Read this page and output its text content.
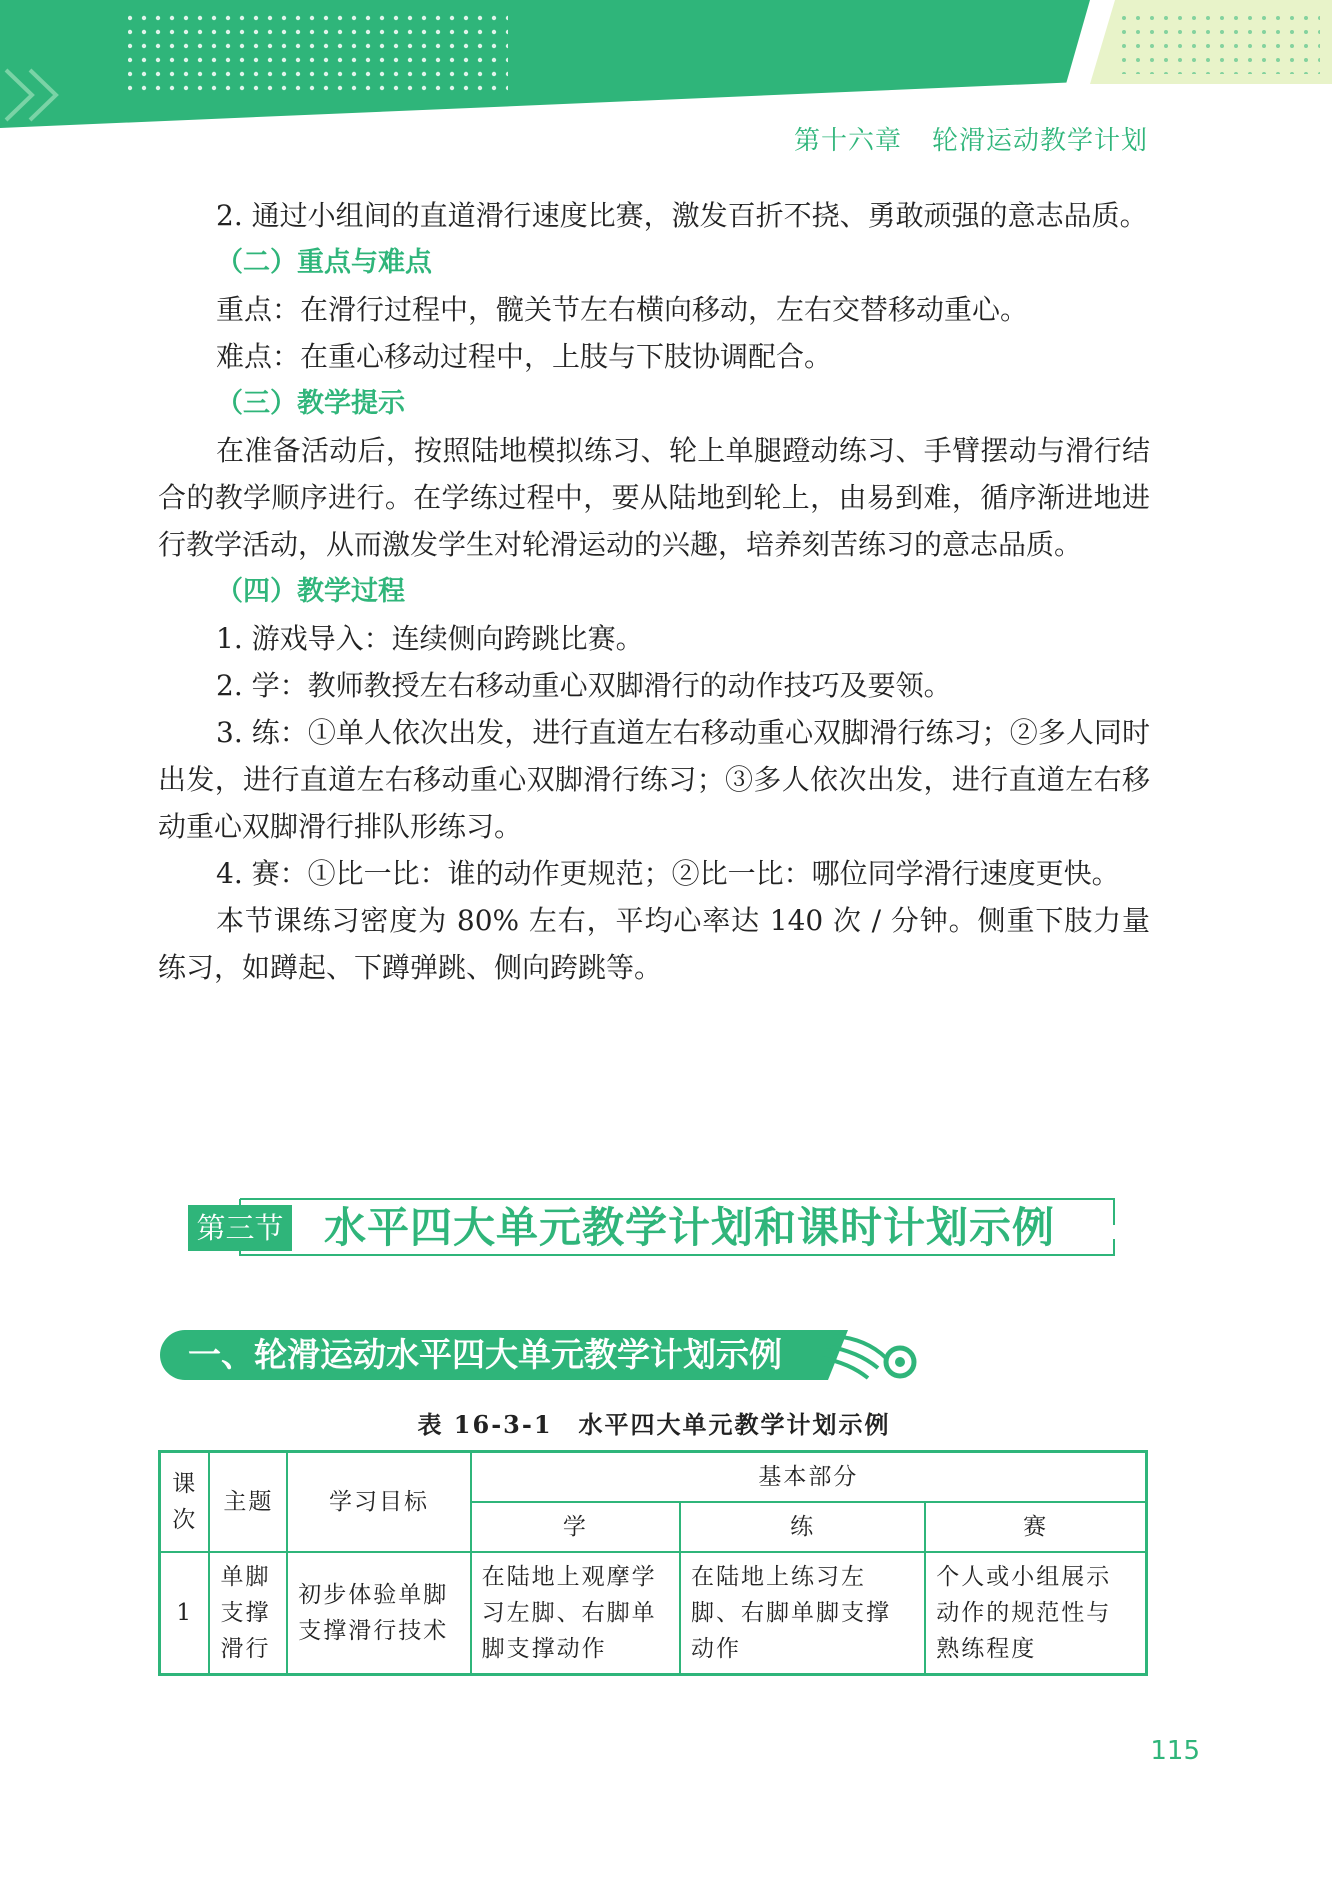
第十六章 轮滑运动教学计划

2. 通过小组间的直道滑行速度比赛，激发百折不挠、勇敢顽强的意志品质。

（二）重点与难点

重点：在滑行过程中，髋关节左右横向移动，左右交替移动重心。

难点：在重心移动过程中，上肢与下肢协调配合。

（三）教学提示

在准备活动后，按照陆地模拟练习、轮上单腿蹬动练习、手臂摆动与滑行结合的教学顺序进行。在学练过程中，要从陆地到轮上，由易到难，循序渐进地进行教学活动，从而激发学生对轮滑运动的兴趣，培养刻苦练习的意志品质。

（四）教学过程

1. 游戏导入：连续侧向跨跳比赛。

2. 学：教师教授左右移动重心双脚滑行的动作技巧及要领。

3. 练：①单人依次出发，进行直道左右移动重心双脚滑行练习；②多人同时出发，进行直道左右移动重心双脚滑行练习；③多人依次出发，进行直道左右移动重心双脚滑行排队形练习。

4. 赛：①比一比：谁的动作更规范；②比一比：哪位同学滑行速度更快。

本节课练习密度为 80% 左右，平均心率达 140 次 / 分钟。侧重下肢力量练习，如蹲起、下蹲弹跳、侧向跨跳等。

第三节 水平四大单元教学计划和课时计划示例
一、轮滑运动水平四大单元教学计划示例
表 16-3-1　水平四大单元教学计划示例
课次	主题	学习目标	基本部分		
			学	练	赛
1	单脚支撑滑行	初步体验单脚支撑滑行技术	在陆地上观摩学习左脚、右脚单脚支撑动作	在陆地上练习左脚、右脚单脚支撑动作	个人或小组展示动作的规范性与熟练程度
115
